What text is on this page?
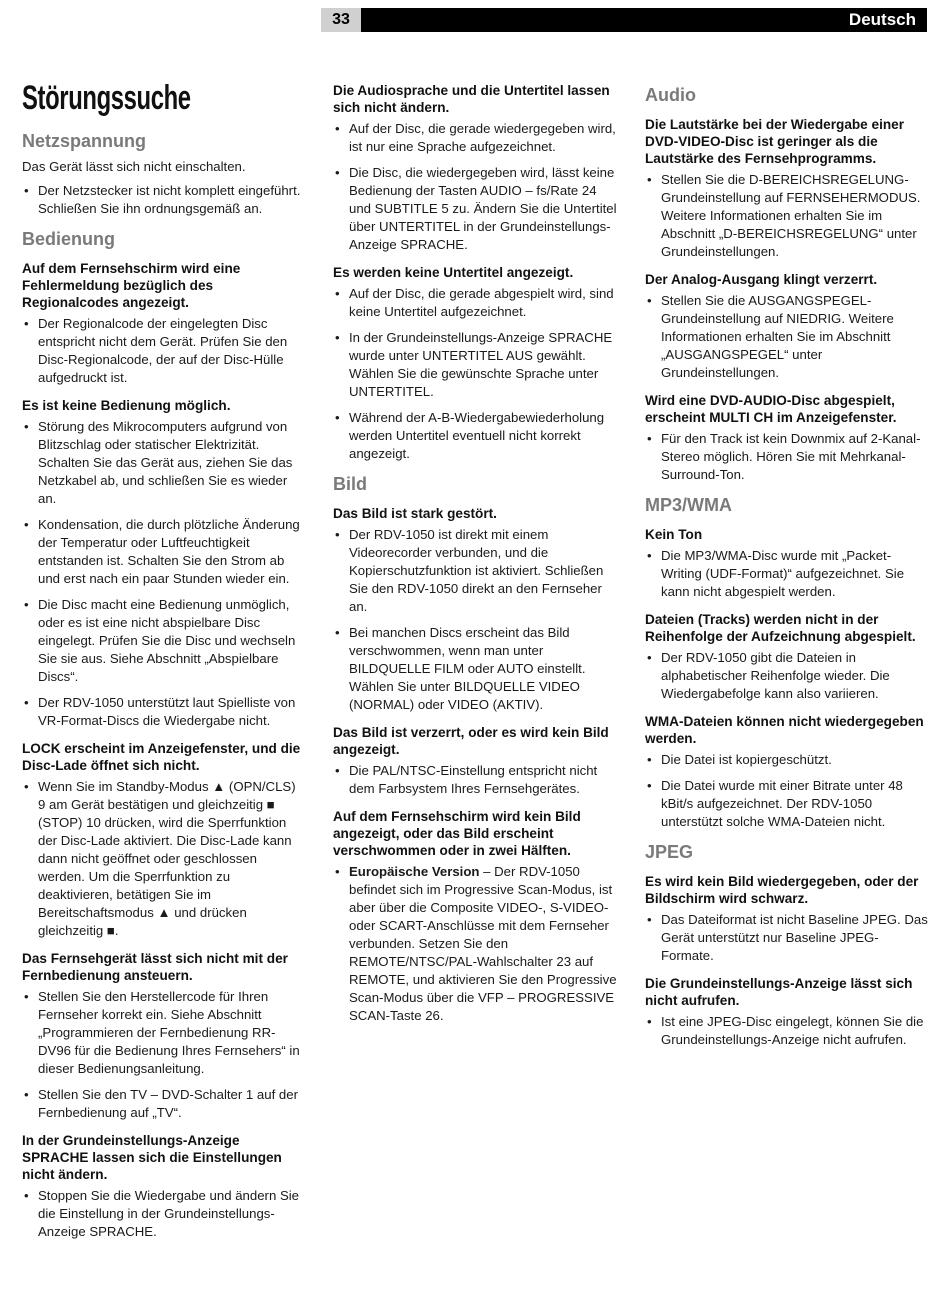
33	Deutsch
Störungssuche
Netzspannung

Das Gerät lässt sich nicht einschalten.

• Der Netzstecker ist nicht komplett eingeführt. Schließen Sie ihn ordnungsgemäß an.
Bedienung
Auf dem Fernsehschirm wird eine Fehlermeldung bezüglich des Regionalcodes angezeigt.
• Der Regionalcode der eingelegten Disc entspricht nicht dem Gerät. Prüfen Sie den Disc-Regionalcode, der auf der Disc-Hülle aufgedruckt ist.
Es ist keine Bedienung möglich.
• Störung des Mikrocomputers aufgrund von Blitzschlag oder statischer Elektrizität. Schalten Sie das Gerät aus, ziehen Sie das Netzkabel ab, und schließen Sie es wieder an.
• Kondensation, die durch plötzliche Änderung der Temperatur oder Luftfeuchtigkeit entstanden ist. Schalten Sie den Strom ab und erst nach ein paar Stunden wieder ein.
• Die Disc macht eine Bedienung unmöglich, oder es ist eine nicht abspielbare Disc eingelegt. Prüfen Sie die Disc und wechseln Sie sie aus. Siehe Abschnitt „Abspielbare Discs“.
• Der RDV-1050 unterstützt laut Spielliste von VR-Format-Discs die Wiedergabe nicht.
LOCK erscheint im Anzeigefenster, und die Disc-Lade öffnet sich nicht.
• Wenn Sie im Standby-Modus ▲ (OPN/CLS) 9 am Gerät bestätigen und gleichzeitig ■ (STOP) 10 drücken, wird die Sperrfunktion der Disc-Lade aktiviert. Die Disc-Lade kann dann nicht geöffnet oder geschlossen werden. Um die Sperrfunktion zu deaktivieren, betätigen Sie im Bereitschaftsmodus ▲ und drücken gleichzeitig ■.
Das Fernsehgerät lässt sich nicht mit der Fernbedienung ansteuern.
• Stellen Sie den Herstellercode für Ihren Fernseher korrekt ein. Siehe Abschnitt „Programmieren der Fernbedienung RR-DV96 für die Bedienung Ihres Fernsehers“ in dieser Bedienungsanleitung.
• Stellen Sie den TV – DVD-Schalter 1 auf der Fernbedienung auf „TV“.
In der Grundeinstellungs-Anzeige SPRACHE lassen sich die Einstellungen nicht ändern.
• Stoppen Sie die Wiedergabe und ändern Sie die Einstellung in der Grundeinstellungs-Anzeige SPRACHE.
Die Audiosprache und die Untertitel lassen sich nicht ändern.
• Auf der Disc, die gerade wiedergegeben wird, ist nur eine Sprache aufgezeichnet.
• Die Disc, die wiedergegeben wird, lässt keine Bedienung der Tasten AUDIO – fs/Rate 24 und SUBTITLE 5 zu. Ändern Sie die Untertitel über UNTERTITEL in der Grundeinstellungs-Anzeige SPRACHE.
Es werden keine Untertitel angezeigt.
• Auf der Disc, die gerade abgespielt wird, sind keine Untertitel aufgezeichnet.
• In der Grundeinstellungs-Anzeige SPRACHE wurde unter UNTERTITEL AUS gewählt. Wählen Sie die gewünschte Sprache unter UNTERTITEL.
• Während der A-B-Wiedergabewiederholung werden Untertitel eventuell nicht korrekt angezeigt.
Bild
Das Bild ist stark gestört.
• Der RDV-1050 ist direkt mit einem Videorecorder verbunden, und die Kopierschutzfunktion ist aktiviert. Schließen Sie den RDV-1050 direkt an den Fernseher an.
• Bei manchen Discs erscheint das Bild verschwommen, wenn man unter BILDQUELLE FILM oder AUTO einstellt. Wählen Sie unter BILDQUELLE VIDEO (NORMAL) oder VIDEO (AKTIV).
Das Bild ist verzerrt, oder es wird kein Bild angezeigt.
• Die PAL/NTSC-Einstellung entspricht nicht dem Farbsystem Ihres Fernsehgerätes.
Auf dem Fernsehschirm wird kein Bild angezeigt, oder das Bild erscheint verschwommen oder in zwei Hälften.
• Europäische Version – Der RDV-1050 befindet sich im Progressive Scan-Modus, ist aber über die Composite VIDEO-, S-VIDEO- oder SCART-Anschlüsse mit dem Fernseher verbunden. Setzen Sie den REMOTE/NTSC/PAL-Wahlschalter 23 auf REMOTE, und aktivieren Sie den Progressive Scan-Modus über die VFP – PROGRESSIVE SCAN-Taste 26.
Audio
Die Lautstärke bei der Wiedergabe einer DVD-VIDEO-Disc ist geringer als die Lautstärke des Fernsehprogramms.
• Stellen Sie die D-BEREICHSREGELUNG-Grundeinstellung auf FERNSEHERMODUS. Weitere Informationen erhalten Sie im Abschnitt „D-BEREICHSREGELUNG“ unter Grundeinstellungen.
Der Analog-Ausgang klingt verzerrt.
• Stellen Sie die AUSGANGSPEGEL-Grundeinstellung auf NIEDRIG. Weitere Informationen erhalten Sie im Abschnitt „AUSGANGSPEGEL“ unter Grundeinstellungen.
Wird eine DVD-AUDIO-Disc abgespielt, erscheint MULTI CH im Anzeigefenster.
• Für den Track ist kein Downmix auf 2-Kanal-Stereo möglich. Hören Sie mit Mehrkanal-Surround-Ton.
MP3/WMA
Kein Ton
• Die MP3/WMA-Disc wurde mit „Packet-Writing (UDF-Format)“ aufgezeichnet. Sie kann nicht abgespielt werden.
Dateien (Tracks) werden nicht in der Reihenfolge der Aufzeichnung abgespielt.
• Der RDV-1050 gibt die Dateien in alphabetischer Reihenfolge wieder. Die Wiedergabefolge kann also variieren.
WMA-Dateien können nicht wiedergegeben werden.
• Die Datei ist kopiergeschützt.
• Die Datei wurde mit einer Bitrate unter 48 kBit/s aufgezeichnet. Der RDV-1050 unterstützt solche WMA-Dateien nicht.
JPEG
Es wird kein Bild wiedergegeben, oder der Bildschirm wird schwarz.
• Das Dateiformat ist nicht Baseline JPEG. Das Gerät unterstützt nur Baseline JPEG-Formate.
Die Grundeinstellungs-Anzeige lässt sich nicht aufrufen.
• Ist eine JPEG-Disc eingelegt, können Sie die Grundeinstellungs-Anzeige nicht aufrufen.
